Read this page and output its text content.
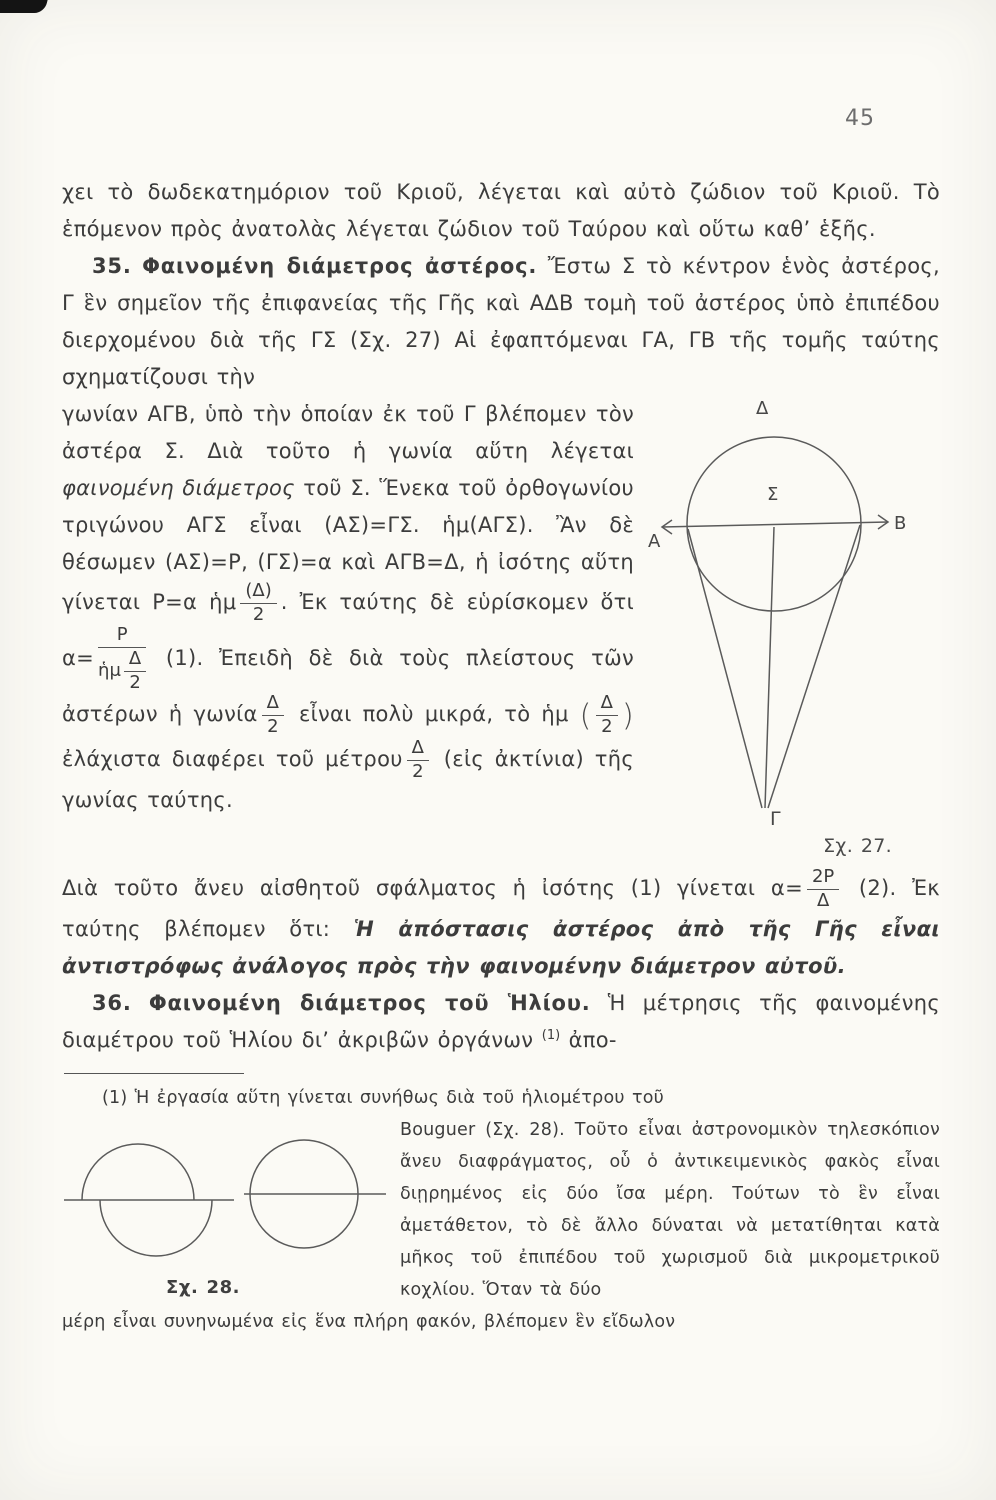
45

χει τὸ δωδεκατημόριον τοῦ Κριοῦ, λέγεται καὶ αὐτὸ ζώδιον τοῦ Κριοῦ. Τὸ ἑπόμενον πρὸς ἀνατολὰς λέγεται ζώδιον τοῦ Ταύρου καὶ οὕτω καθ’ ἑξῆς.

35. Φαινομένη διάμετρος ἀστέρος. Ἔστω Σ τὸ κέντρον ἑνὸς ἀστέρος, Γ ἓν σημεῖον τῆς ἐπιφανείας τῆς Γῆς καὶ ΑΔΒ τομὴ τοῦ ἀστέρος ὑπὸ ἐπιπέδου διερχομένου διὰ τῆς ΓΣ (Σχ. 27) Αἱ ἐφαπτόμεναι ΓΑ, ΓΒ τῆς τομῆς ταύτης σχηματίζουσι τὴν

Δ
Σ
Α
Β
Γ
Σχ. 27.

γωνίαν ΑΓΒ, ὑπὸ τὴν ὁποίαν ἐκ τοῦ Γ βλέπομεν τὸν ἀστέρα Σ. Διὰ τοῦτο ἡ γωνία αὕτη λέγεται φαινομένη διάμετρος τοῦ Σ. Ἕνεκα τοῦ ὀρθογωνίου τριγώνου ΑΓΣ εἶναι (ΑΣ)=ΓΣ. ἡμ(ΑΓΣ). Ἂν δὲ θέσωμεν (ΑΣ)=Ρ, (ΓΣ)=α καὶ ΑΓΒ=Δ, ἡ ἰσότης αὕτη γίνεται Ρ=α ἡμ $\frac{(\Delta)}{2}$ . Ἐκ ταύτης δὲ εὑρίσκομεν ὅτι $\alpha= \frac{P}{ἡ\mu \frac{\Delta}{2}} (1)$. Ἐπειδὴ δὲ διὰ τοὺς πλείστους τῶν ἀστέρων ἡ γωνία $\frac{\Delta}{2}$ εἶναι πολὺ μικρά, τὸ ἡμ ( $\frac{\Delta}{2}$ ) ἐλάχιστα διαφέρει τοῦ μέτρου $\frac{\Delta}{2}$ (εἰς ἀκτίνια) τῆς γωνίας ταύτης.

Διὰ τοῦτο ἄνευ αἰσθητοῦ σφάλματος ἡ ἰσότης (1) γίνεται $\alpha= \frac{2P}{\Delta} (2)$. Ἐκ ταύτης βλέπομεν ὅτι: Ἡ ἀπόστασις ἀστέρος ἀπὸ τῆς Γῆς εἶναι ἀντιστρόφως ἀνάλογος πρὸς τὴν φαινομένην διάμετρον αὐτοῦ.

36. Φαινομένη διάμετρος τοῦ Ἡλίου. Ἡ μέτρησις τῆς φαινομένης διαμέτρου τοῦ Ἡλίου δι’ ἀκριβῶν ὀργάνων $^{(1)}$ ἀπο-

(1) Ἡ ἐργασία αὕτη γίνεται συνήθως διὰ τοῦ ἡλιομέτρου τοῦ

Σχ. 28.

Bouguer (Σχ. 28). Τοῦτο εἶναι ἀστρονομικὸν τηλεσκόπιον ἄνευ διαφράγματος, οὗ ὁ ἀντικειμενικὸς φακὸς εἶναι διῃρημένος εἰς δύο ἴσα μέρη. Τούτων τὸ ἓν εἶναι ἀμετάθετον, τὸ δὲ ἄλλο δύναται νὰ μετατίθηται κατὰ μῆκος τοῦ ἐπιπέδου τοῦ χωρισμοῦ διὰ μικρομετρικοῦ κοχλίου. Ὅταν τὰ δύο

μέρη εἶναι συνηνωμένα εἰς ἕνα πλήρη φακόν, βλέπομεν ἓν εἴδωλον
